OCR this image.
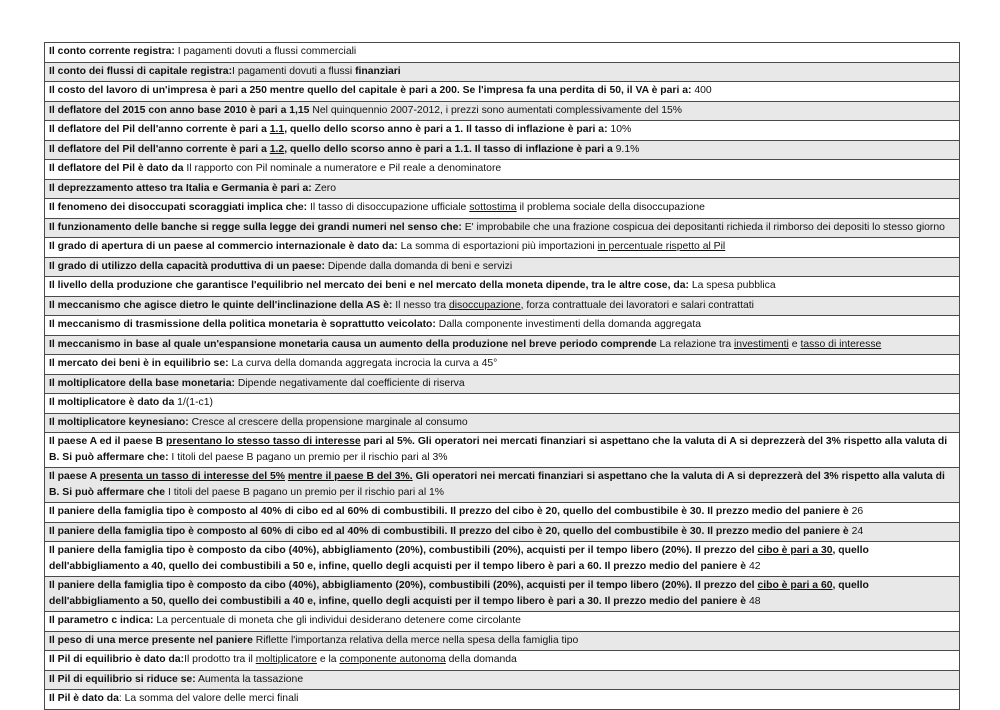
Il conto corrente registra: I pagamenti dovuti a flussi commerciali
Il conto dei flussi di capitale registra:I pagamenti dovuti a flussi finanziari
Il costo del lavoro di un'impresa è pari a 250 mentre quello del capitale è pari a 200. Se l'impresa fa una perdita di 50, il VA è pari a: 400
Il deflatore del 2015 con anno base 2010 è pari a 1,15 Nel quinquennio 2007-2012, i prezzi sono aumentati complessivamente del 15%
Il deflatore del Pil dell'anno corrente è pari a 1.1, quello dello scorso anno è pari a 1. Il tasso di inflazione è pari a: 10%
Il deflatore del Pil dell'anno corrente è pari a 1.2, quello dello scorso anno è pari a 1.1. Il tasso di inflazione è pari a 9.1%
Il deflatore del Pil è dato da Il rapporto con Pil nominale a numeratore e Pil reale a denominatore
Il deprezzamento atteso tra Italia e Germania è pari a: Zero
Il fenomeno dei disoccupati scoraggiati implica che: Il tasso di disoccupazione ufficiale sottostima il problema sociale della disoccupazione
Il funzionamento delle banche si regge sulla legge dei grandi numeri nel senso che: E' improbabile che una frazione cospicua dei depositanti richieda il rimborso dei depositi lo stesso giorno
Il grado di apertura di un paese al commercio internazionale è dato da: La somma di esportazioni più importazioni in percentuale rispetto al Pil
Il grado di utilizzo della capacità produttiva di un paese: Dipende dalla domanda di beni e servizi
Il livello della produzione che garantisce l'equilibrio nel mercato dei beni e nel mercato della moneta dipende, tra le altre cose, da: La spesa pubblica
Il meccanismo che agisce dietro le quinte dell'inclinazione della AS è: Il nesso tra disoccupazione, forza contrattuale dei lavoratori e salari contrattati
Il meccanismo di trasmissione della politica monetaria è soprattutto veicolato: Dalla componente investimenti della domanda aggregata
Il meccanismo in base al quale un'espansione monetaria causa un aumento della produzione nel breve periodo comprende La relazione tra investimenti e tasso di interesse
Il mercato dei beni è in equilibrio se: La curva della domanda aggregata incrocia la curva a 45°
Il moltiplicatore della base monetaria: Dipende negativamente dal coefficiente di riserva
Il moltiplicatore è dato da 1/(1-c1)
Il moltiplicatore keynesiano: Cresce al crescere della propensione marginale al consumo
Il paese A ed il paese B presentano lo stesso tasso di interesse pari al 5%. Gli operatori nei mercati finanziari si aspettano che la valuta di A si deprezzerà del 3% rispetto alla valuta di B. Si può affermare che: I titoli del paese B pagano un premio per il rischio pari al 3%
Il paese A presenta un tasso di interesse del 5% mentre il paese B del 3%. Gli operatori nei mercati finanziari si aspettano che la valuta di A si deprezzerà del 3% rispetto alla valuta di B. Si può affermare che I titoli del paese B pagano un premio per il rischio pari al 1%
Il paniere della famiglia tipo è composto al 40% di cibo ed al 60% di combustibili. Il prezzo del cibo è 20, quello del combustibile è 30. Il prezzo medio del paniere è 26
Il paniere della famiglia tipo è composto al 60% di cibo ed al 40% di combustibili. Il prezzo del cibo è 20, quello del combustibile è 30. Il prezzo medio del paniere è 24
Il paniere della famiglia tipo è composto da cibo (40%), abbigliamento (20%), combustibili (20%), acquisti per il tempo libero (20%). Il prezzo del cibo è pari a 30, quello dell'abbigliamento a 40, quello dei combustibili a 50 e, infine, quello degli acquisti per il tempo libero è pari a 60. Il prezzo medio del paniere è 42
Il paniere della famiglia tipo è composto da cibo (40%), abbigliamento (20%), combustibili (20%), acquisti per il tempo libero (20%). Il prezzo del cibo è pari a 60, quello dell'abbigliamento a 50, quello dei combustibili a 40 e, infine, quello degli acquisti per il tempo libero è pari a 30. Il prezzo medio del paniere è 48
Il parametro c indica: La percentuale di moneta che gli individui desiderano detenere come circolante
Il peso di una merce presente nel paniere Riflette l'importanza relativa della merce nella spesa della famiglia tipo
Il Pil di equilibrio è dato da:Il prodotto tra il moltiplicatore e la componente autonoma della domanda
Il Pil di equilibrio si riduce se: Aumenta la tassazione
Il Pil è dato da: La somma del valore delle merci finali
